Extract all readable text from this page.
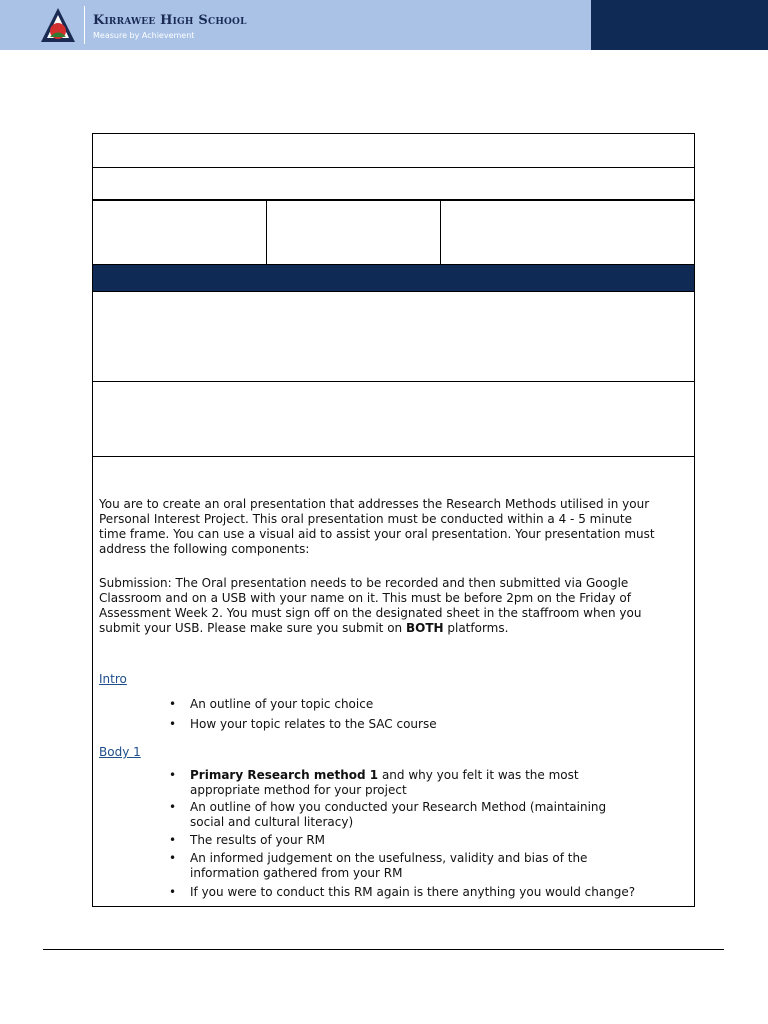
Kirrawee High School
Measure by Achievement

You are to create an oral presentation that addresses the Research Methods utilised in your Personal Interest Project. This oral presentation must be conducted within a 4 - 5 minute time frame. You can use a visual aid to assist your oral presentation. Your presentation must address the following components:

Submission: The Oral presentation needs to be recorded and then submitted via Google Classroom and on a USB with your name on it. This must be before 2pm on the Friday of Assessment Week 2. You must sign off on the designated sheet in the staffroom when you submit your USB. Please make sure you submit on BOTH platforms.

Intro
• An outline of your topic choice
• How your topic relates to the SAC course
Body 1
• Primary Research method 1 and why you felt it was the most appropriate method for your project
• An outline of how you conducted your Research Method (maintaining social and cultural literacy)
• The results of your RM
• An informed judgement on the usefulness, validity and bias of the information gathered from your RM
• If you were to conduct this RM again is there anything you would change?
